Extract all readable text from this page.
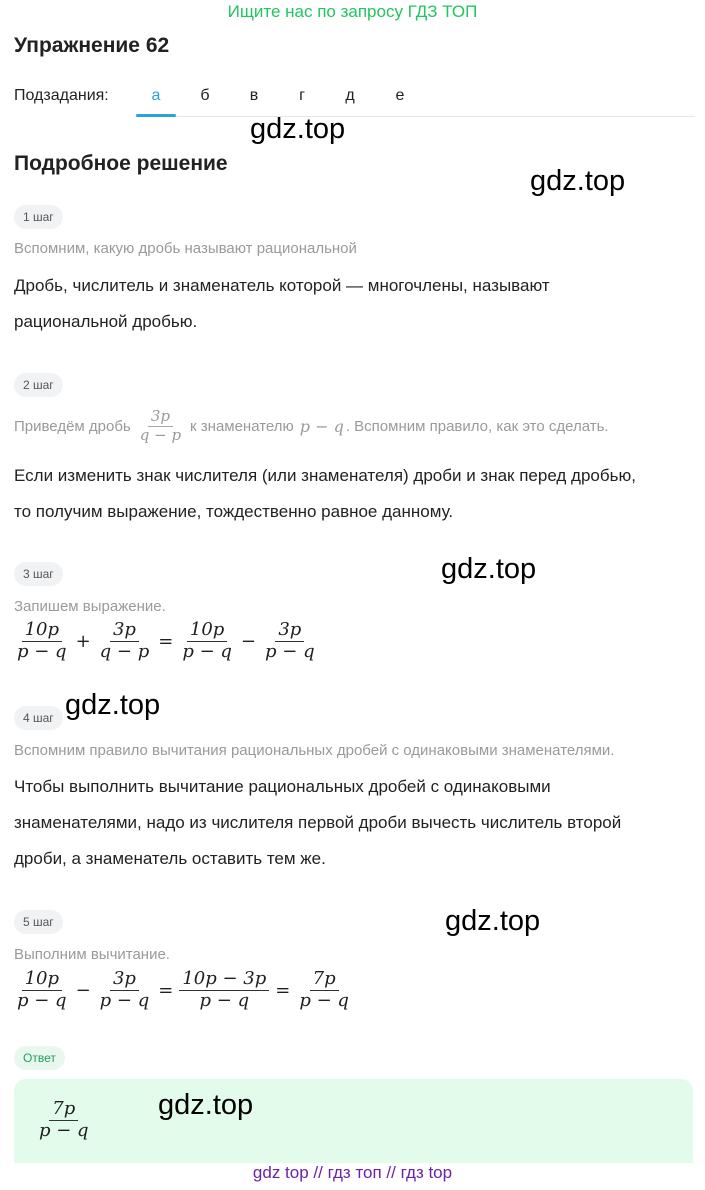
Ищите нас по запросу ГДЗ ТОП
Упражнение 62
Подзадания:	а	б	в	г	д	е
gdz.top
Подробное решение
gdz.top
1 шаг
Вспомним, какую дробь называют рациональной
Дробь, числитель и знаменатель которой — многочлены, называют
рациональной дробью.
2 шаг
Приведём дробь $\frac{3p}{q - p}$ к знаменателю p − q . Вспомним правило, как это сделать.
Если изменить знак числителя (или знаменателя) дроби и знак перед дробью,
то получим выражение, тождественно равное данному.
3 шаг	gdz.top
Запишем выражение.
$\frac{10p}{p - q} + \frac{3p}{q - p} = \frac{10p}{p - q} - \frac{3p}{p - q}$
4 шаг gdz.top
Вспомним правило вычитания рациональных дробей с одинаковыми знаменателями.
Чтобы выполнить вычитание рациональных дробей с одинаковыми
знаменателями, надо из числителя первой дроби вычесть числитель второй
дроби, а знаменатель оставить тем же.
5 шаг	gdz.top
Выполним вычитание.
$\frac{10p}{p - q} - \frac{3p}{p - q} = \frac{10p - 3p}{p - q} = \frac{7p}{p - q}$
Ответ
$\frac{7p}{p - q} gdz.top$
gdz top // гдз топ // гдз top
